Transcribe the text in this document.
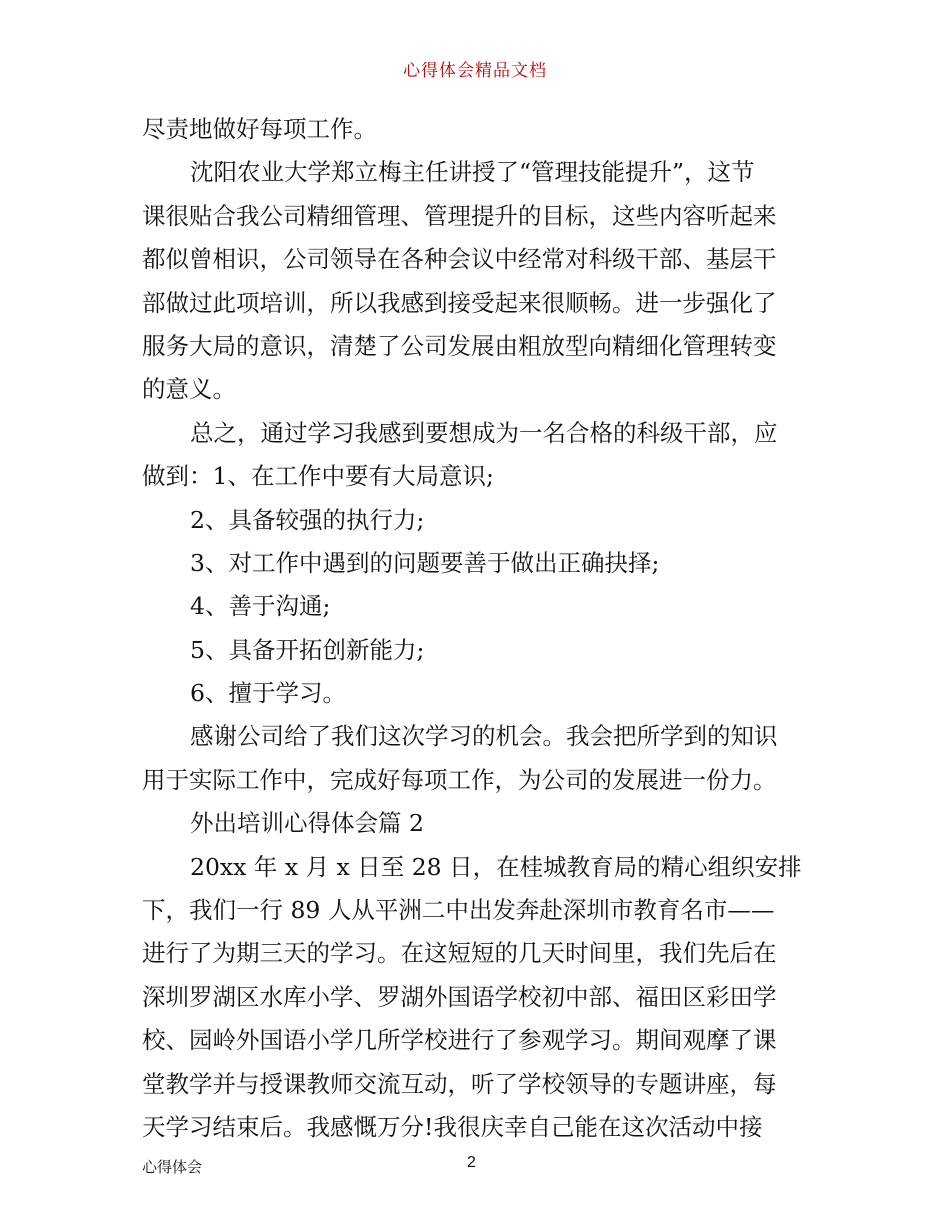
心得体会精品文档
尽责地做好每项工作。
沈阳农业大学郑立梅主任讲授了“管理技能提升”，这节
课很贴合我公司精细管理、管理提升的目标，这些内容听起来
都似曾相识，公司领导在各种会议中经常对科级干部、基层干
部做过此项培训，所以我感到接受起来很顺畅。进一步强化了
服务大局的意识，清楚了公司发展由粗放型向精细化管理转变
的意义。
总之，通过学习我感到要想成为一名合格的科级干部，应
做到：1、在工作中要有大局意识;
2、具备较强的执行力;
3、对工作中遇到的问题要善于做出正确抉择;
4、善于沟通;
5、具备开拓创新能力;
6、擅于学习。
感谢公司给了我们这次学习的机会。我会把所学到的知识
用于实际工作中，完成好每项工作，为公司的发展进一份力。
外出培训心得体会篇 2
20xx 年 x 月 x 日至 28 日，在桂城教育局的精心组织安排
下，我们一行 89 人从平洲二中出发奔赴深圳市教育名市——
进行了为期三天的学习。在这短短的几天时间里，我们先后在
深圳罗湖区水库小学、罗湖外国语学校初中部、福田区彩田学
校、园岭外国语小学几所学校进行了参观学习。期间观摩了课
堂教学并与授课教师交流互动，听了学校领导的专题讲座，每
天学习结束后。我感慨万分!我很庆幸自己能在这次活动中接
心得体会	2
